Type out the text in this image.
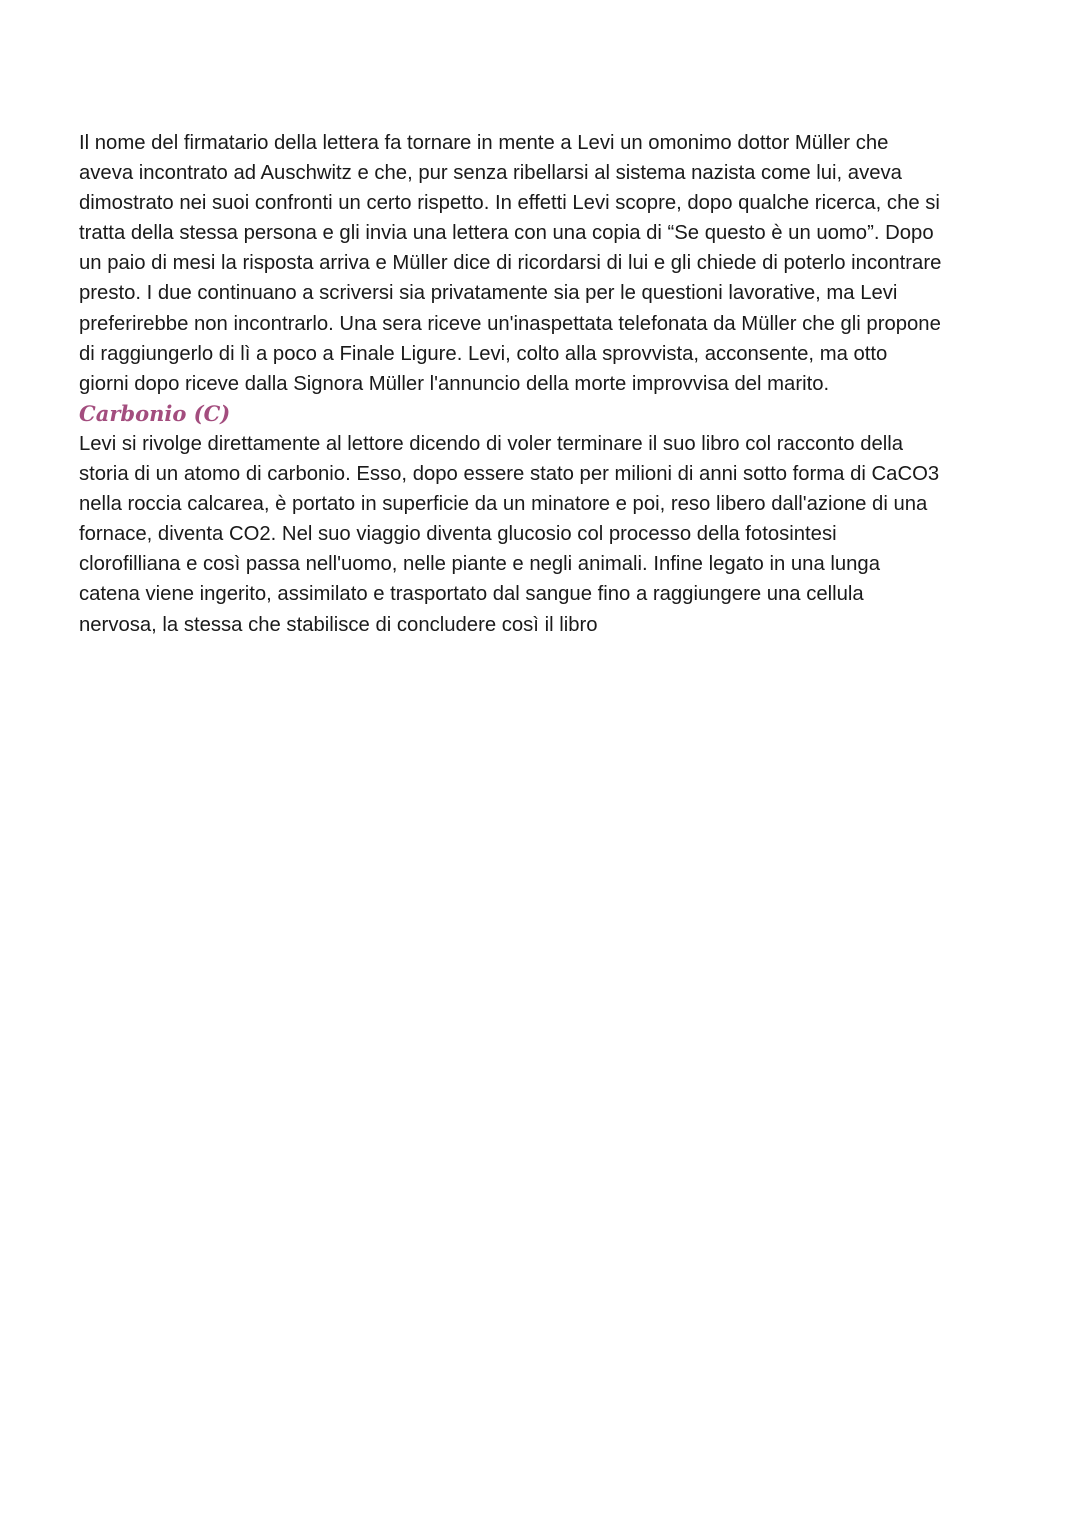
Il nome del firmatario della lettera fa tornare in mente a Levi un omonimo dottor Müller che
aveva incontrato ad Auschwitz e che, pur senza ribellarsi al sistema nazista come lui, aveva
dimostrato nei suoi confronti un certo rispetto. In effetti Levi scopre, dopo qualche ricerca, che si
tratta della stessa persona e gli invia una lettera con una copia di “Se questo è un uomo”. Dopo
un paio di mesi la risposta arriva e Müller dice di ricordarsi di lui e gli chiede di poterlo incontrare
presto. I due continuano a scriversi sia privatamente sia per le questioni lavorative, ma Levi
preferirebbe non incontrarlo. Una sera riceve un'inaspettata telefonata da Müller che gli propone
di raggiungerlo di lì a poco a Finale Ligure. Levi, colto alla sprovvista, acconsente, ma otto
giorni dopo riceve dalla Signora Müller l'annuncio della morte improvvisa del marito.

Carbonio (C)

Levi si rivolge direttamente al lettore dicendo di voler terminare il suo libro col racconto della
storia di un atomo di carbonio. Esso, dopo essere stato per milioni di anni sotto forma di CaCO3
nella roccia calcarea, è portato in superficie da un minatore e poi, reso libero dall'azione di una
fornace, diventa CO2. Nel suo viaggio diventa glucosio col processo della fotosintesi
clorofilliana e così passa nell'uomo, nelle piante e negli animali. Infine legato in una lunga
catena viene ingerito, assimilato e trasportato dal sangue fino a raggiungere una cellula
nervosa, la stessa che stabilisce di concludere così il libro
